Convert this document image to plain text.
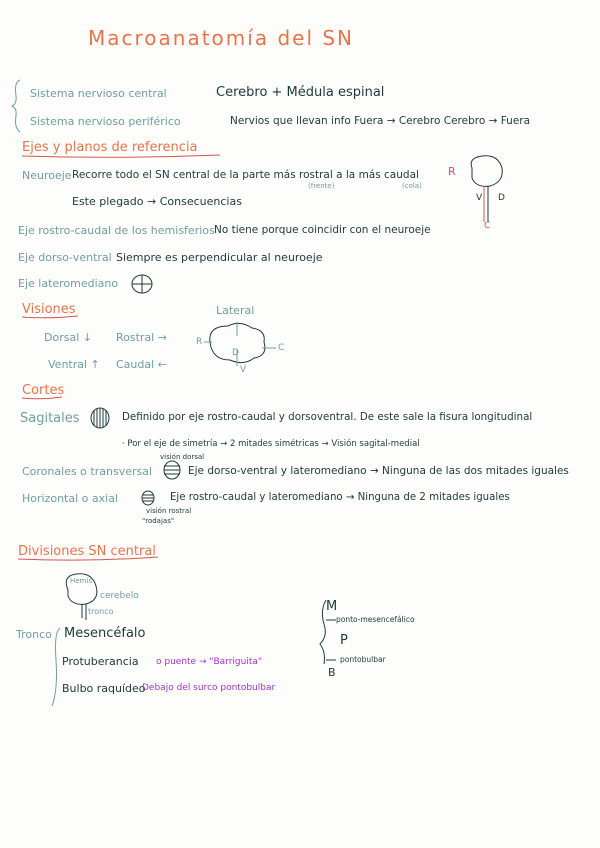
Macroanatomía del SN
Sistema nervioso central	Cerebro + Médula espinal
Sistema nervioso periférico	Nervios que llevan info Fuera → Cerebro Cerebro → Fuera
Ejes y planos de referencia
Neuroeje Recorre todo el SN central de la parte más rostral a la más caudal
(frente)	(cola)
Este plegado → Consecuencias
R
C
V D
Eje rostro-caudal de los hemisferios No tiene porque coincidir con el neuroeje
Eje dorso-ventral Siempre es perpendicular al neuroeje
Eje lateromediano
Visiones
Dorsal ↓ Rostral →
Ventral ↑ Caudal ←
Lateral
R
C
D
V
Cortes
Sagitales	Definido por eje rostro-caudal y dorsoventral. De este sale la fisura longitudinal
· Por el eje de simetría → 2 mitades simétricas → Visión sagital-medial
visión dorsal
Coronales o transversal	Eje dorso-ventral y lateromediano → Ninguna de las dos mitades iguales
Horizontal o axial	Eje rostro-caudal y lateromediano → Ninguna de 2 mitades iguales
visión rostral
"rodajas"
Divisiones SN central
Hemis
cerebelo
tronco
Tronco Mesencéfalo
Protuberancia o puente → "Barriguita"
Bulbo raquídeo
Debajo del surco pontobulbar
M
P
B
ponto-mesencefálico
pontobulbar
